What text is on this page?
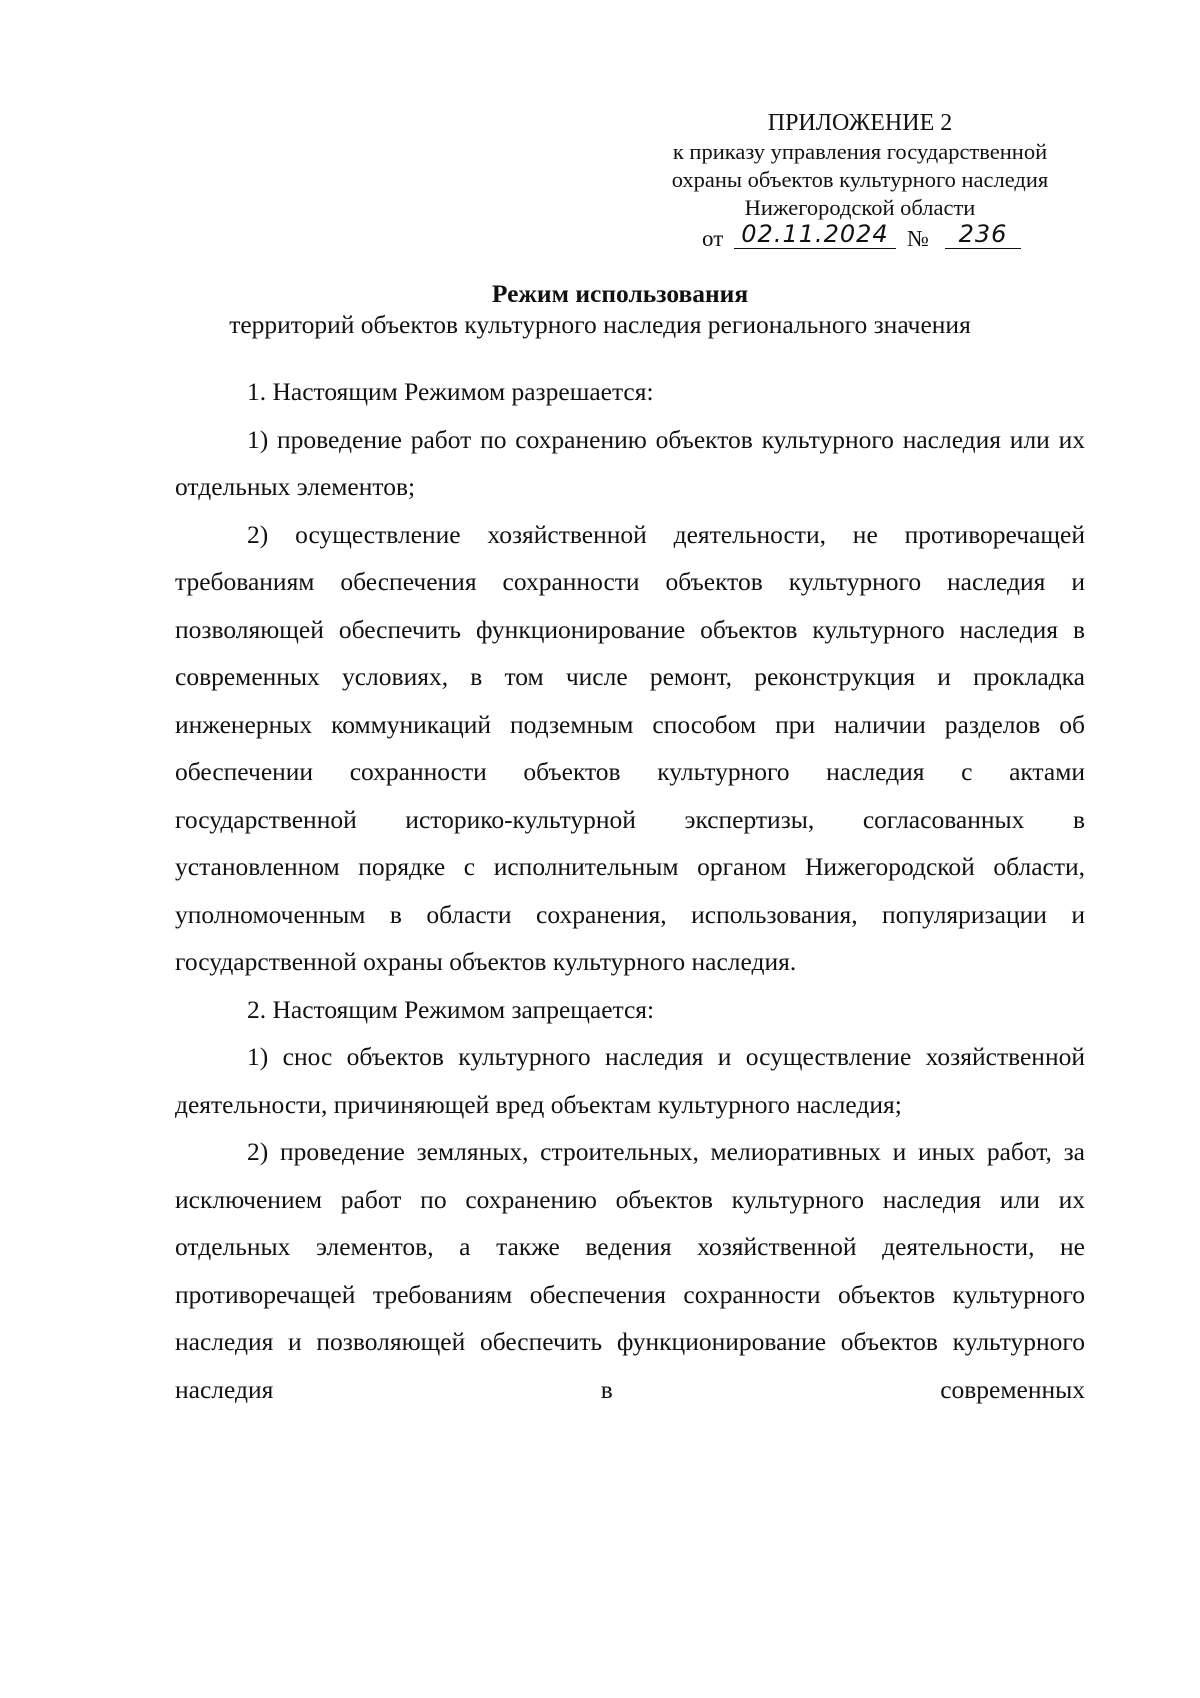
ПРИЛОЖЕНИЕ 2
к приказу управления государственной
охраны объектов культурного наследия
Нижегородской области
от 02.11.2024 №	236
Режим использования
территорий объектов культурного наследия регионального значения

1. Настоящим Режимом разрешается:

1) проведение работ по сохранению объектов культурного наследия или их отдельных элементов;

2) осуществление хозяйственной деятельности, не противоречащей требованиям обеспечения сохранности объектов культурного наследия и позволяющей обеспечить функционирование объектов культурного наследия в современных условиях, в том числе ремонт, реконструкция и прокладка инженерных коммуникаций подземным способом при наличии разделов об обеспечении сохранности объектов культурного наследия с актами государственной историко-культурной экспертизы, согласованных в установленном порядке с исполнительным органом Нижегородской области, уполномоченным в области сохранения, использования, популяризации и государственной охраны объектов культурного наследия.

2. Настоящим Режимом запрещается:

1) снос объектов культурного наследия и осуществление хозяйственной деятельности, причиняющей вред объектам культурного наследия;

2) проведение земляных, строительных, мелиоративных и иных работ, за исключением работ по сохранению объектов культурного наследия или их отдельных элементов, а также ведения хозяйственной деятельности, не противоречащей требованиям обеспечения сохранности объектов культурного наследия и позволяющей обеспечить функционирование объектов культурного наследия в современных
